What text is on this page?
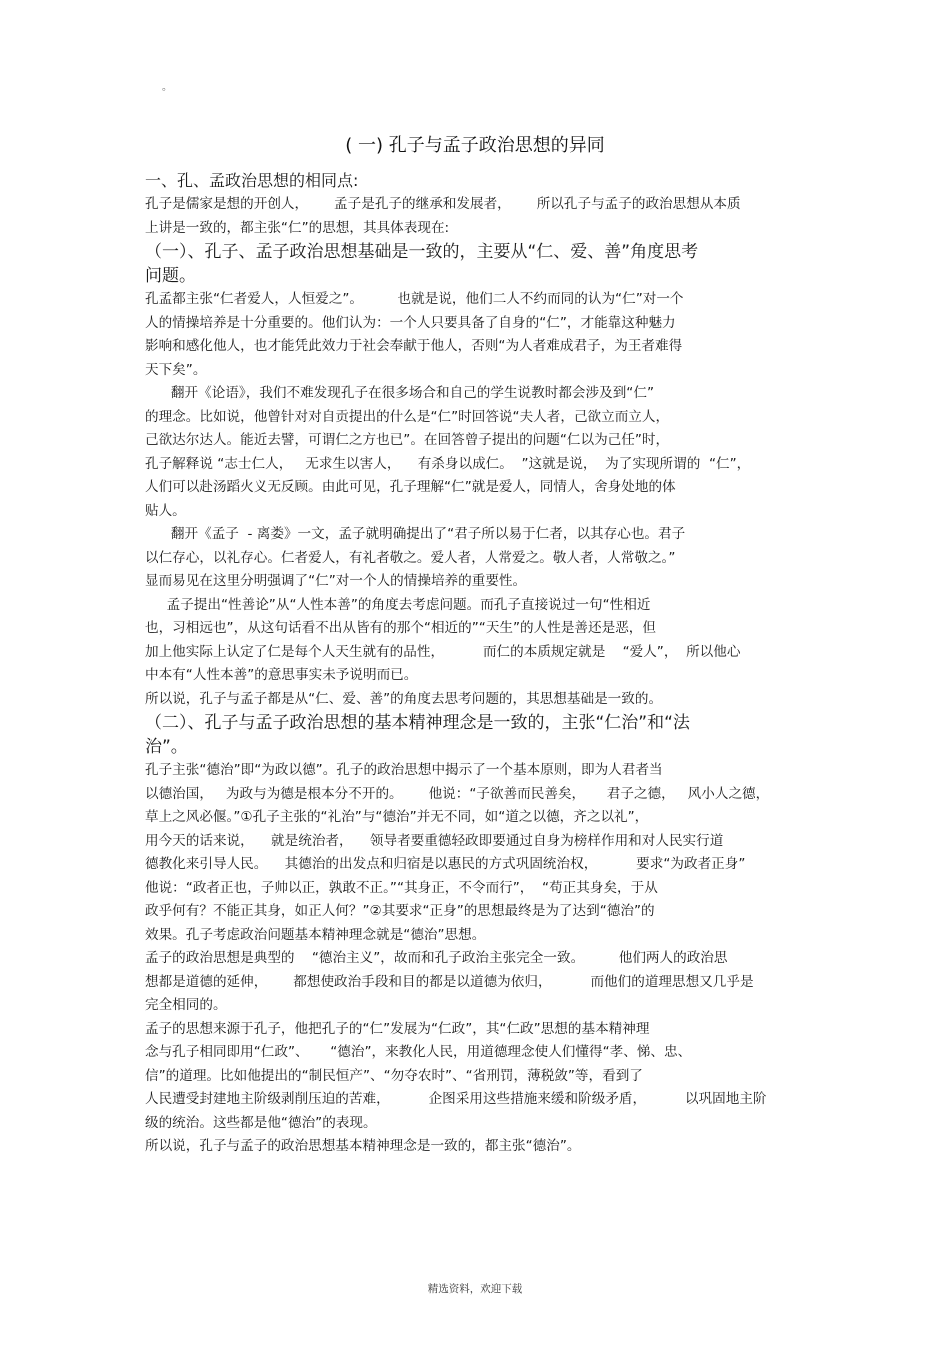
。
( 一) 孔子与孟子政治思想的异同
一、孔、孟政治思想的相同点:
孔子是儒家是想的开创人，      孟子是孔子的继承和发展者，      所以孔子与孟子的政治思想从本质
上讲是一致的，都主张“仁”的思想，其具体表现在:
（一）、孔子、孟子政治思想基础是一致的，主要从“仁、爱、善”角度思考
问题。
孔孟都主张“仁者爱人，人恒爱之”。        也就是说，他们二人不约而同的认为“仁”对一个
人的情操培养是十分重要的。他们认为：一个人只要具备了自身的“仁”，才能靠这种魅力
影响和感化他人，也才能凭此效力于社会奉献于他人，否则“为人者难成君子，为王者难得
天下矣”。
翻开《论语》，我们不难发现孔子在很多场合和自己的学生说教时都会涉及到“仁”
的理念。比如说，他曾针对对自贡提出的什么是“仁”时回答说“夫人者，己欲立而立人，
己欲达尔达人。能近去譬，可谓仁之方也已”。在回答曾子提出的问题“仁以为己任”时，
孔子解释说 “志士仁人，   无求生以害人，    有杀身以成仁。  ”这就是说，  为了实现所谓的  “仁”，
人们可以赴汤蹈火义无反顾。由此可见，孔子理解“仁”就是爱人，同情人，舍身处地的体
贴人。
翻开《孟子  - 离娄》一文，孟子就明确提出了“君子所以易于仁者，以其存心也。君子
以仁存心，以礼存心。仁者爱人，有礼者敬之。爱人者，人常爱之。敬人者，人常敬之。”
显而易见在这里分明强调了“仁”对一个人的情操培养的重要性。
孟子提出“性善论”从“人性本善”的角度去考虑问题。而孔子直接说过一句“性相近
也，习相远也”，从这句话看不出从皆有的那个“相近的”“天生”的人性是善还是恶，但
加上他实际上认定了仁是每个人天生就有的品性，         而仁的本质规定就是    “爱人”，  所以他心
中本有“人性本善”的意思事实未予说明而已。
所以说，孔子与孟子都是从“仁、爱、善”的角度去思考问题的，其思想基础是一致的。
（二）、孔子与孟子政治思想的基本精神理念是一致的，主张“仁治”和“法
治”。
孔子主张“德治”即“为政以德”。孔子的政治思想中揭示了一个基本原则，即为人君者当
以德治国，   为政与为德是根本分不开的。      他说：“子欲善而民善矣，     君子之德，   风小人之德，
草上之风必偃。”①孔子主张的“礼治”与“德治”并无不同，如“道之以德，齐之以礼”，
用今天的话来说，    就是统治者，    领导者要重德轻政即要通过自身为榜样作用和对人民实行道
德教化来引导人民。    其德治的出发点和归宿是以惠民的方式巩固统治权，         要求“为政者正身”
他说：“政者正也，子帅以正，孰敢不正。”“其身正，不令而行”，  “苟正其身矣，于从
政乎何有？不能正其身，如正人何？”②其要求“正身”的思想最终是为了达到“德治”的
效果。孔子考虑政治问题基本精神理念就是“德治”思想。
孟子的政治思想是典型的    “德治主义”，故而和孔子政治主张完全一致。        他们两人的政治思
想都是道德的延伸，      都想使政治手段和目的都是以道德为依归，         而他们的道理思想又几乎是
完全相同的。
孟子的思想来源于孔子，他把孔子的“仁”发展为“仁政”，其“仁政”思想的基本精神理
念与孔子相同即用“仁政”、     “德治”，来教化人民，用道德理念使人们懂得“孝、悌、忠、
信”的道理。比如他提出的“制民恒产”、“勿夺农时”、“省刑罚，薄税敛”等，看到了
人民遭受封建地主阶级剥削压迫的苦难，         企图采用这些措施来缓和阶级矛盾，         以巩固地主阶
级的统治。这些都是他“德治”的表现。
所以说，孔子与孟子的政治思想基本精神理念是一致的，都主张“德治”。
精选资料，欢迎下载
